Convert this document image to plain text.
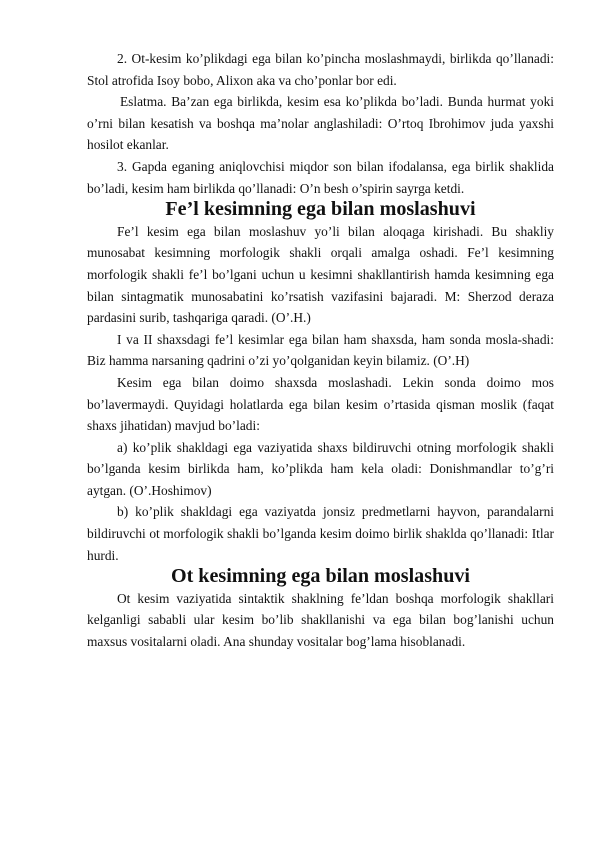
2. Ot-kesim ko’plikdagi ega bilan ko’pincha moslashmaydi, birlikda qo’llanadi: Stol atrofida Isoy bobo, Alixon aka va cho’ponlar bor edi.

Eslatma. Ba’zan ega birlikda, kesim esa ko’plikda bo’ladi. Bunda hurmat yoki o’rni bilan kesatish va boshqa ma’nolar anglashiladi: O’rtoq Ibrohimov juda yaxshi hosilot ekanlar.

3. Gapda eganing aniqlovchisi miqdor son bilan ifodalansa, ega birlik shaklida bo’ladi, kesim ham birlikda qo’llanadi: O’n besh o’spirin sayrga ketdi.

Fe’l kesimning ega bilan moslashuvi

Fe’l kesim ega bilan moslashuv yo’li bilan aloqaga kirishadi. Bu shakliy munosabat kesimning morfologik shakli orqali amalga oshadi. Fe’l kesimning morfologik shakli fe’l bo’lgani uchun u kesimni shakllantirish hamda kesimning ega bilan sintagmatik munosabatini ko’rsatish vazifasini bajaradi. M: Sherzod deraza pardasini surib, tashqariga qaradi. (O’.H.)

I va II shaxsdagi fe’l kesimlar ega bilan ham shaxsda, ham sonda mosla-shadi: Biz hamma narsaning qadrini o’zi yo’qolganidan keyin bilamiz. (O’.H)

Kesim ega bilan doimo shaxsda moslashadi. Lekin sonda doimo mos bo’lavermaydi. Quyidagi holatlarda ega bilan kesim o’rtasida qisman moslik (faqat shaxs jihatidan) mavjud bo’ladi:

a) ko’plik shakldagi ega vaziyatida shaxs bildiruvchi otning morfologik shakli bo’lganda kesim birlikda ham, ko’plikda ham kela oladi: Donishmandlar to’g’ri aytgan. (O’.Hoshimov)

b) ko’plik shakldagi ega vaziyatda jonsiz predmetlarni hayvon, parandalarni bildiruvchi ot morfologik shakli bo’lganda kesim doimo birlik shaklda qo’llanadi: Itlar hurdi.

Ot kesimning ega bilan moslashuvi

Ot kesim vaziyatida sintaktik shaklning fe’ldan boshqa morfologik shakllari kelganligi sababli ular kesim bo’lib shakllanishi va ega bilan bog’lanishi uchun maxsus vositalarni oladi. Ana shunday vositalar bog’lama hisoblanadi.
